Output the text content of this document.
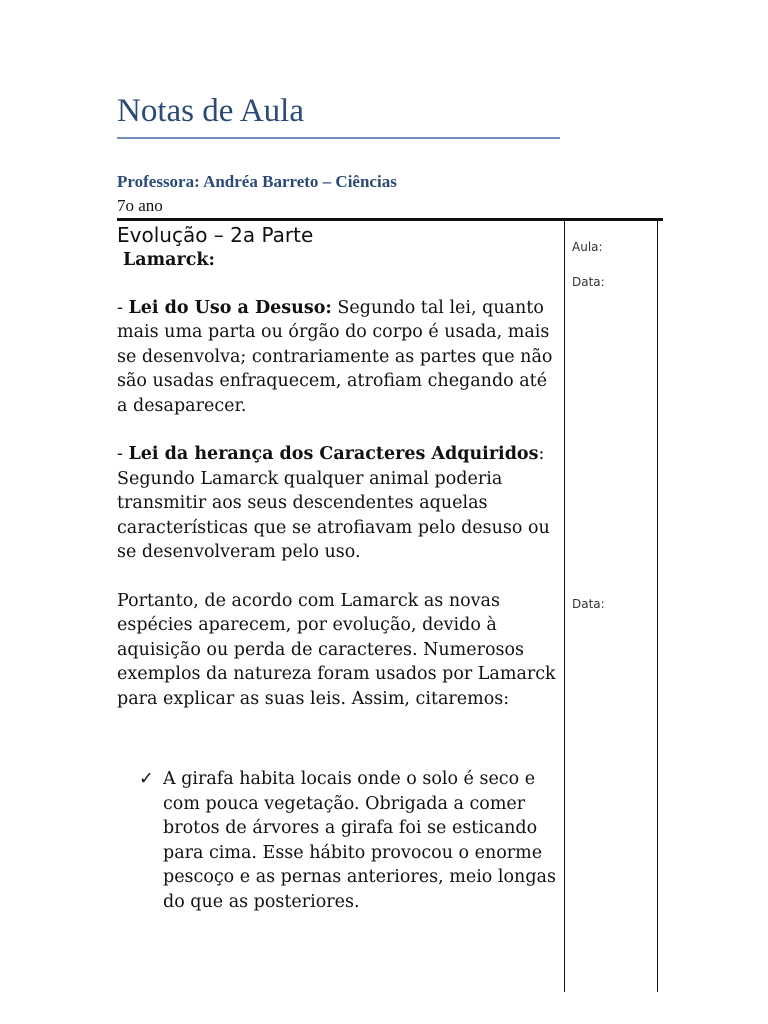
Notas de Aula
Professora: Andréa Barreto – Ciências
7o ano
Aula:
Data:
Data:
Evolução – 2a Parte
Lamarck:

- Lei do Uso a Desuso: Segundo tal lei, quanto mais uma parta ou órgão do corpo é usada, mais se desenvolva; contrariamente as partes que não são usadas enfraquecem, atrofiam chegando até a desaparecer.

- Lei da herança dos Caracteres Adquiridos: Segundo Lamarck qualquer animal poderia transmitir aos seus descendentes aquelas características que se atrofiavam pelo desuso ou se desenvolveram pelo uso.

Portanto, de acordo com Lamarck as novas espécies aparecem, por evolução, devido à aquisição ou perda de caracteres. Numerosos exemplos da natureza foram usados por Lamarck para explicar as suas leis. Assim, citaremos:

✓ A girafa habita locais onde o solo é seco e com pouca vegetação. Obrigada a comer brotos de árvores a girafa foi se esticando para cima. Esse hábito provocou o enorme pescoço e as pernas anteriores, meio longas do que as posteriores.
